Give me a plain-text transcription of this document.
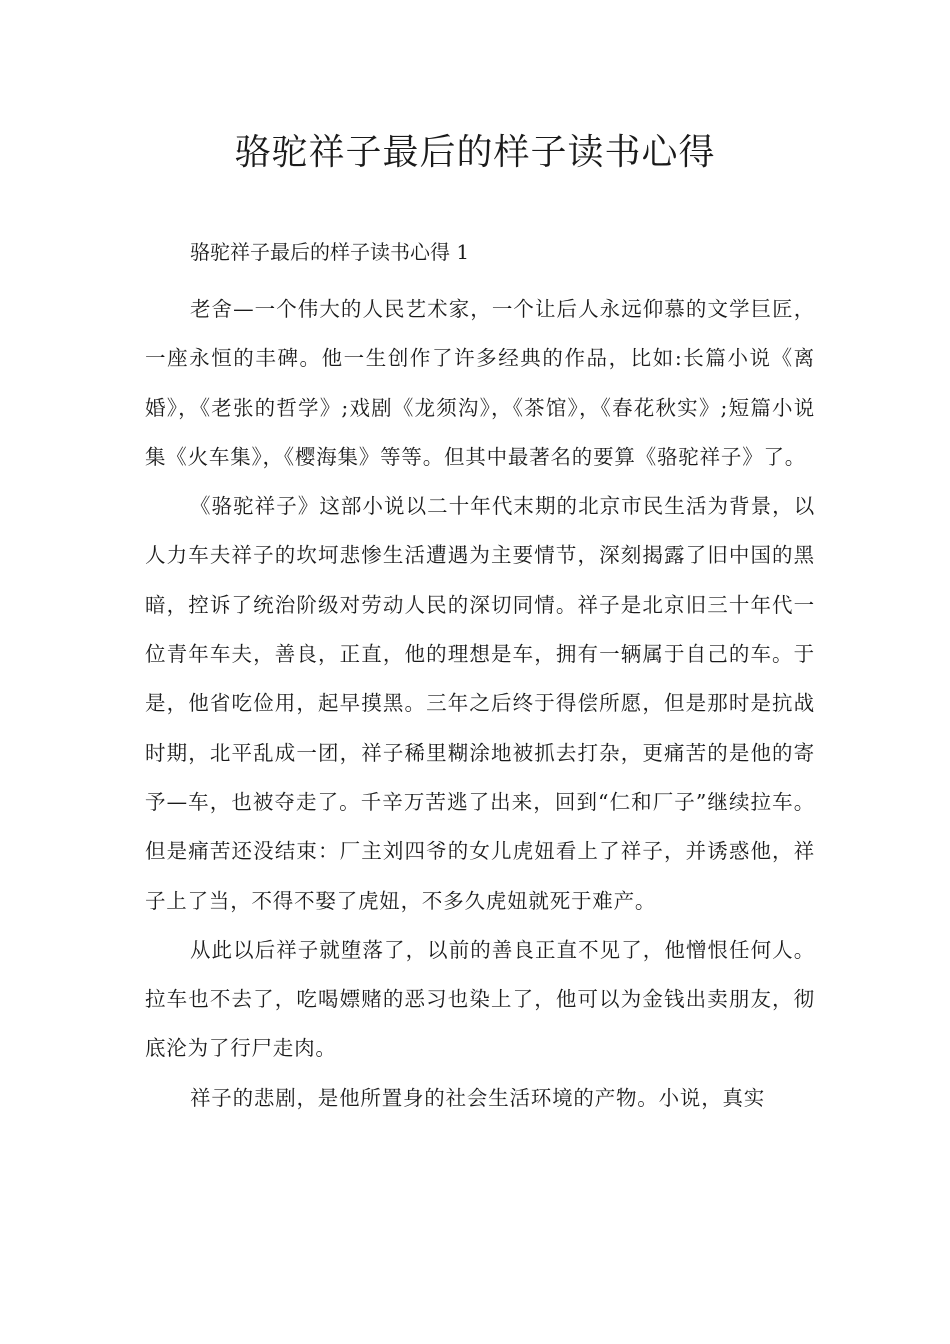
骆驼祥子最后的样子读书心得
骆驼祥子最后的样子读书心得 1

老舍—一个伟大的人民艺术家，一个让后人永远仰慕的文学巨匠，一座永恒的丰碑。他一生创作了许多经典的作品，比如:长篇小说《离婚》，《老张的哲学》;戏剧《龙须沟》，《茶馆》，《春花秋实》;短篇小说集《火车集》，《樱海集》等等。但其中最著名的要算《骆驼祥子》了。

《骆驼祥子》这部小说以二十年代末期的北京市民生活为背景，以人力车夫祥子的坎坷悲惨生活遭遇为主要情节，深刻揭露了旧中国的黑暗，控诉了统治阶级对劳动人民的深切同情。祥子是北京旧三十年代一位青年车夫，善良，正直，他的理想是车，拥有一辆属于自己的车。于是，他省吃俭用，起早摸黑。三年之后终于得偿所愿，但是那时是抗战时期，北平乱成一团，祥子稀里糊涂地被抓去打杂，更痛苦的是他的寄予—车，也被夺走了。千辛万苦逃了出来，回到“仁和厂子”继续拉车。但是痛苦还没结束：厂主刘四爷的女儿虎妞看上了祥子，并诱惑他，祥子上了当，不得不娶了虎妞，不多久虎妞就死于难产。

从此以后祥子就堕落了，以前的善良正直不见了，他憎恨任何人。拉车也不去了，吃喝嫖赌的恶习也染上了，他可以为金钱出卖朋友，彻底沦为了行尸走肉。

祥子的悲剧，是他所置身的社会生活环境的产物。小说，真实
